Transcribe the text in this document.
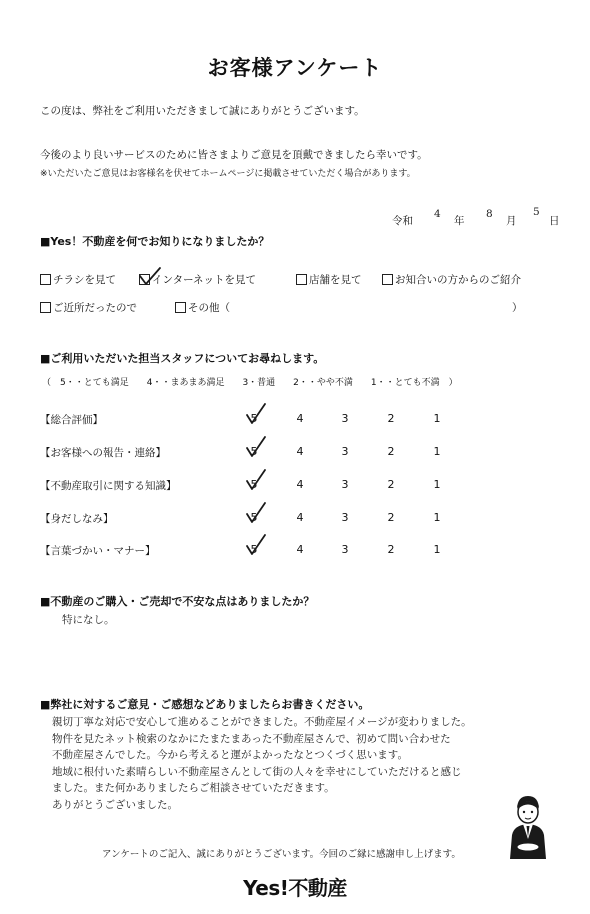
お客様アンケート
この度は、弊社をご利用いただきまして誠にありがとうございます。
今後のより良いサービスのために皆さまよりご意見を頂戴できましたら幸いです。
※いただいたご意見はお客様名を伏せてホームページに掲載させていただく場合があります。
令和
4
年
8
月
5
日
■Yes！不動産を何でお知りになりましたか？
チラシを見て	インターネットを見て	店舗を見て	お知合いの方からのご紹介
ご近所だったので	その他（	）
■ご利用いただいた担当スタッフについてお尋ねします。
（　5・・とても満足　　4・・まあまあ満足　　3・普通　　2・・やや不満　　1・・とても不満　）
【総合評価】	5	4	3	2	1
【お客様への報告・連絡】	5	4	3	2	1
【不動産取引に関する知識】	5	4	3	2	1
【身だしなみ】	5	4	3	2	1
【言葉づかい・マナー】	5	4	3	2	1
■不動産のご購入・ご売却で不安な点はありましたか？
特になし。
■弊社に対するご意見・ご感想などありましたらお書きください。
親切丁寧な対応で安心して進めることができました。不動産屋イメージが変わりました。
物件を見たネット検索のなかにたまたまあった不動産屋さんで、初めて問い合わせた
不動産屋さんでした。今から考えると運がよかったなとつくづく思います。
地域に根付いた素晴らしい不動産屋さんとして街の人々を幸せにしていただけると感じ
ました。また何かありましたらご相談させていただきます。
ありがとうございました。
アンケートのご記入、誠にありがとうございます。今回のご縁に感謝申し上げます。
Yes!不動産
